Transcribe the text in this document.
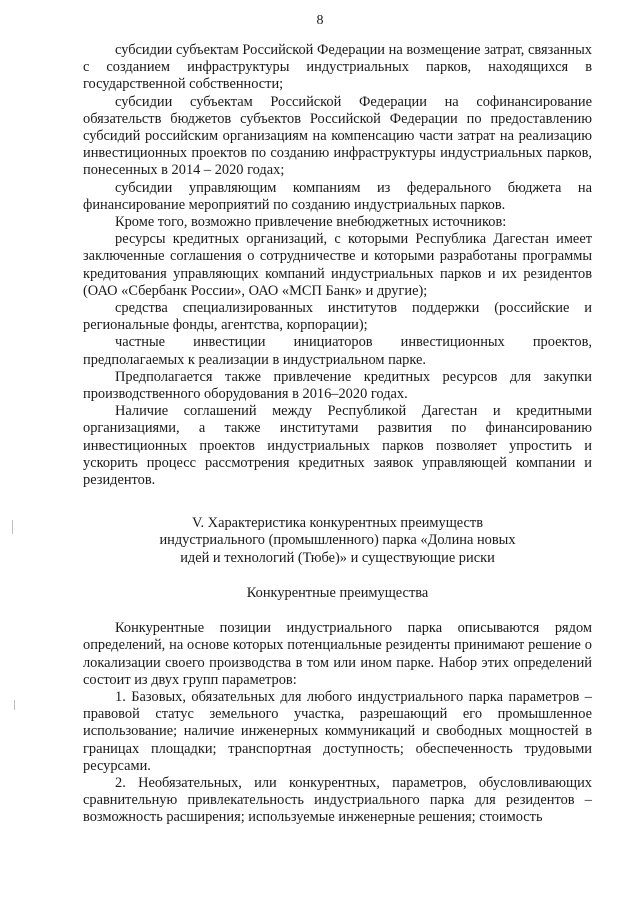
8

субсидии субъектам Российской Федерации на возмещение затрат, связанных с созданием инфраструктуры индустриальных парков, находящихся в государственной собственности;

субсидии субъектам Российской Федерации на софинансирование обязательств бюджетов субъектов Российской Федерации по предоставлению субсидий российским организациям на компенсацию части затрат на реализацию инвестиционных проектов по созданию инфраструктуры индустриальных парков, понесенных в 2014 – 2020 годах;

субсидии управляющим компаниям из федерального бюджета на финансирование мероприятий по созданию индустриальных парков.

Кроме того, возможно привлечение внебюджетных источников:

ресурсы кредитных организаций, с которыми Республика Дагестан имеет заключенные соглашения о сотрудничестве и которыми разработаны программы кредитования управляющих компаний индустриальных парков и их резидентов (ОАО «Сбербанк России», ОАО «МСП Банк» и другие);

средства специализированных институтов поддержки (российские и региональные фонды, агентства, корпорации);

частные инвестиции инициаторов инвестиционных проектов, предполагаемых к реализации в индустриальном парке.

Предполагается также привлечение кредитных ресурсов для закупки производственного оборудования в 2016–2020 годах.

Наличие соглашений между Республикой Дагестан и кредитными организациями, а также институтами развития по финансированию инвестиционных проектов индустриальных парков позволяет упростить и ускорить процесс рассмотрения кредитных заявок управляющей компании и резидентов.

V. Характеристика конкурентных преимуществ
индустриального (промышленного) парка «Долина новых
идей и технологий (Тюбе)» и существующие риски
Конкурентные преимущества

Конкурентные позиции индустриального парка описываются рядом определений, на основе которых потенциальные резиденты принимают решение о локализации своего производства в том или ином парке. Набор этих определений состоит из двух групп параметров:

1. Базовых, обязательных для любого индустриального парка параметров – правовой статус земельного участка, разрешающий его промышленное использование; наличие инженерных коммуникаций и свободных мощностей в границах площадки; транспортная доступность; обеспеченность трудовыми ресурсами.

2. Необязательных, или конкурентных, параметров, обусловливающих сравнительную привлекательность индустриального парка для резидентов – возможность расширения; используемые инженерные решения; стоимость
